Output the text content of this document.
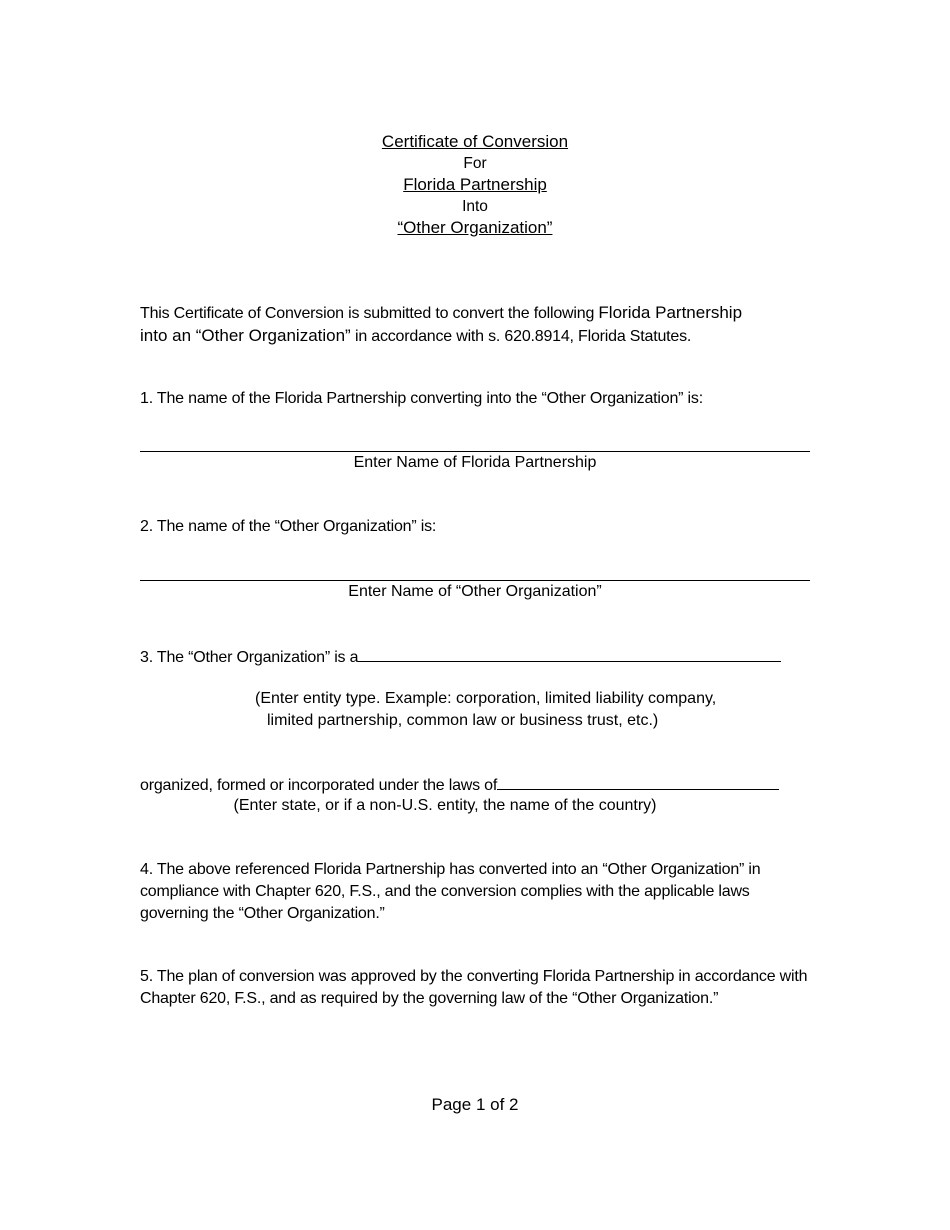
Certificate of Conversion
For
Florida Partnership
Into
“Other Organization”
This Certificate of Conversion is submitted to convert the following Florida Partnership
into an “Other Organization” in accordance with s. 620.8914, Florida Statutes.
1. The name of the Florida Partnership converting into the “Other Organization” is:
Enter Name of Florida Partnership
2. The name of the “Other Organization” is:
Enter Name of “Other Organization”
3. The “Other Organization” is a
(Enter entity type. Example: corporation, limited liability company,
limited partnership, common law or business trust, etc.)
organized, formed or incorporated under the laws of
(Enter state, or if a non-U.S. entity, the name of the country)
4. The above referenced Florida Partnership has converted into an “Other Organization” in compliance with Chapter 620, F.S., and the conversion complies with the applicable laws governing the “Other Organization.”
5. The plan of conversion was approved by the converting Florida Partnership in accordance with Chapter 620, F.S., and as required by the governing law of the “Other Organization.”
Page 1 of 2
